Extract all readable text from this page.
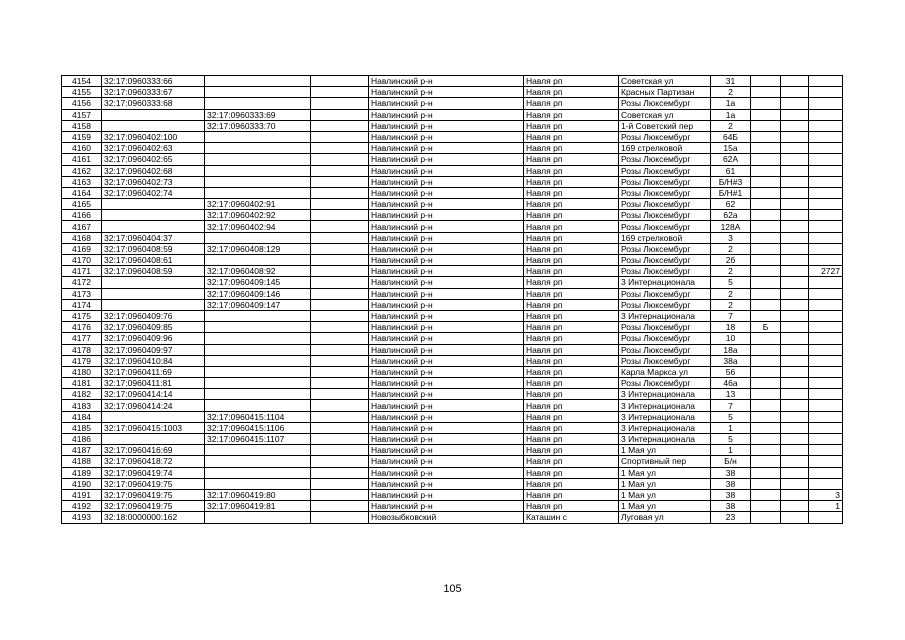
4154	32:17:0960333:66			Навлинский р-н	Навля рп	Советская ул	31			
4155	32:17:0960333:67			Навлинский р-н	Навля рп	Красных Партизан	2			
4156	32:17:0960333:68			Навлинский р-н	Навля рп	Розы Люксембург	1а			
4157		32:17:0960333:69		Навлинский р-н	Навля рп	Советская ул	1а			
4158		32:17:0960333:70		Навлинский р-н	Навля рп	1-й Советский пер	2			
4159	32:17:0960402:100			Навлинский р-н	Навля рп	Розы Люксембург	64Б			
4160	32:17:0960402:63			Навлинский р-н	Навля рп	169 стрелковой	15а			
4161	32:17:0960402:65			Навлинский р-н	Навля рп	Розы Люксембург	62А			
4162	32:17:0960402:68			Навлинский р-н	Навля рп	Розы Люксембург	61			
4163	32:17:0960402:73			Навлинский р-н	Навля рп	Розы Люксембург	Б/Н#3			
4164	32:17:0960402:74			Навлинский р-н	Навля рп	Розы Люксембург	Б/Н#1			
4165		32:17:0960402:91		Навлинский р-н	Навля рп	Розы Люксембург	62			
4166		32:17:0960402:92		Навлинский р-н	Навля рп	Розы Люксембург	62а			
4167		32:17:0960402:94		Навлинский р-н	Навля рп	Розы Люксембург	128А			
4168	32:17:0960404:37			Навлинский р-н	Навля рп	169 стрелковой	3			
4169	32:17:0960408:59	32:17:0960408:129		Навлинский р-н	Навля рп	Розы Люксембург	2			
4170	32:17:0960408:61			Навлинский р-н	Навля рп	Розы Люксембург	2б			
4171	32:17:0960408:59	32:17:0960408:92		Навлинский р-н	Навля рп	Розы Люксембург	2			2727
4172		32:17:0960409:145		Навлинский р-н	Навля рп	3 Интернационала	5			
4173		32:17:0960409:146		Навлинский р-н	Навля рп	Розы Люксембург	2			
4174		32:17:0960409:147		Навлинский р-н	Навля рп	Розы Люксембург	2			
4175	32:17:0960409:76			Навлинский р-н	Навля рп	3 Интернационала	7			
4176	32:17:0960409:85			Навлинский р-н	Навля рп	Розы Люксембург	18	Б		
4177	32:17:0960409:96			Навлинский р-н	Навля рп	Розы Люксембург	10			
4178	32:17:0960409:97			Навлинский р-н	Навля рп	Розы Люксембург	18а			
4179	32:17:0960410:84			Навлинский р-н	Навля рп	Розы Люксембург	38а			
4180	32:17:0960411:69			Навлинский р-н	Навля рп	Карла Маркса ул	56			
4181	32:17:0960411:81			Навлинский р-н	Навля рп	Розы Люксембург	46а			
4182	32:17:0960414:14			Навлинский р-н	Навля рп	3 Интернационала	13			
4183	32:17:0960414:24			Навлинский р-н	Навля рп	3 Интернационала	7			
4184		32:17:0960415:1104		Навлинский р-н	Навля рп	3 Интернационала	5			
4185	32:17:0960415:1003	32:17:0960415:1106		Навлинский р-н	Навля рп	3 Интернационала	1			
4186		32:17:0960415:1107		Навлинский р-н	Навля рп	3 Интернационала	5			
4187	32:17:0960416:69			Навлинский р-н	Навля рп	1 Мая ул	1			
4188	32:17:0960418:72			Навлинский р-н	Навля рп	Спортивный пер	Б/н			
4189	32:17:0960419:74			Навлинский р-н	Навля рп	1 Мая ул	38			
4190	32:17:0960419:75			Навлинский р-н	Навля рп	1 Мая ул	38			
4191	32:17:0960419:75	32:17:0960419:80		Навлинский р-н	Навля рп	1 Мая ул	38			3
4192	32:17:0960419:75	32:17:0960419:81		Навлинский р-н	Навля рп	1 Мая ул	38			1
4193	32:18:0000000:162			Новозыбковский	Каташин с	Луговая ул	23			
105
